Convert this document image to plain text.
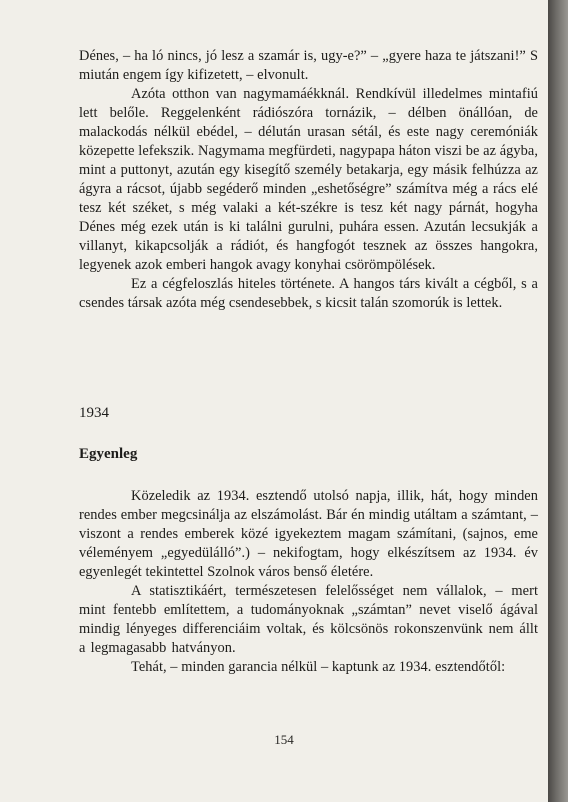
Dénes, – ha ló nincs, jó lesz a szamár is, ugy-e?” – „gyere haza te játszani!” S miután engem így kifizetett, – elvonult.

Azóta otthon van nagymamáékknál. Rendkívül illedelmes mintafiú lett belőle. Reggelenként rádiószóra tornázik, – délben önállóan, de malackodás nélkül ebédel, – délután urasan sétál, és este nagy ceremóniák közepette lefekszik. Nagymama megfürdeti, nagypapa háton viszi be az ágyba, mint a puttonyt, azután egy kisegítő személy betakarja, egy másik felhúzza az ágyra a rácsot, újabb segéderő minden „eshetőségre” számítva még a rács elé tesz két széket, s még valaki a két-székre is tesz két nagy párnát, hogyha Dénes még ezek után is ki találni gurulni, puhára essen. Azután lecsukják a villanyt, kikapcsolják a rádiót, és hangfogót tesznek az összes hangokra, legyenek azok emberi hangok avagy konyhai csörömpölések.

Ez a cégfeloszlás hiteles története. A hangos társ kivált a cégből, s a csendes társak azóta még csendesebbek, s kicsit talán szomorúk is lettek.

1934
Egyenleg

Közeledik az 1934. esztendő utolsó napja, illik, hát, hogy minden rendes ember megcsinálja az elszámolást. Bár én mindig utáltam a számtant, – viszont a rendes emberek közé igyekeztem magam számítani, (sajnos, eme véleményem „egyedülálló”.) – nekifogtam, hogy elkészítsem az 1934. év egyenlegét tekintettel Szolnok város benső életére.

A statisztikáért, természetesen felelősséget nem vállalok, – mert mint fentebb említettem, a tudományoknak „számtan” nevet viselő ágával mindig lényeges differenciáim voltak, és kölcsönös rokonszenvünk nem állt a legmagasabb hatványon.

Tehát, – minden garancia nélkül – kaptunk az 1934. esztendőtől:

154
